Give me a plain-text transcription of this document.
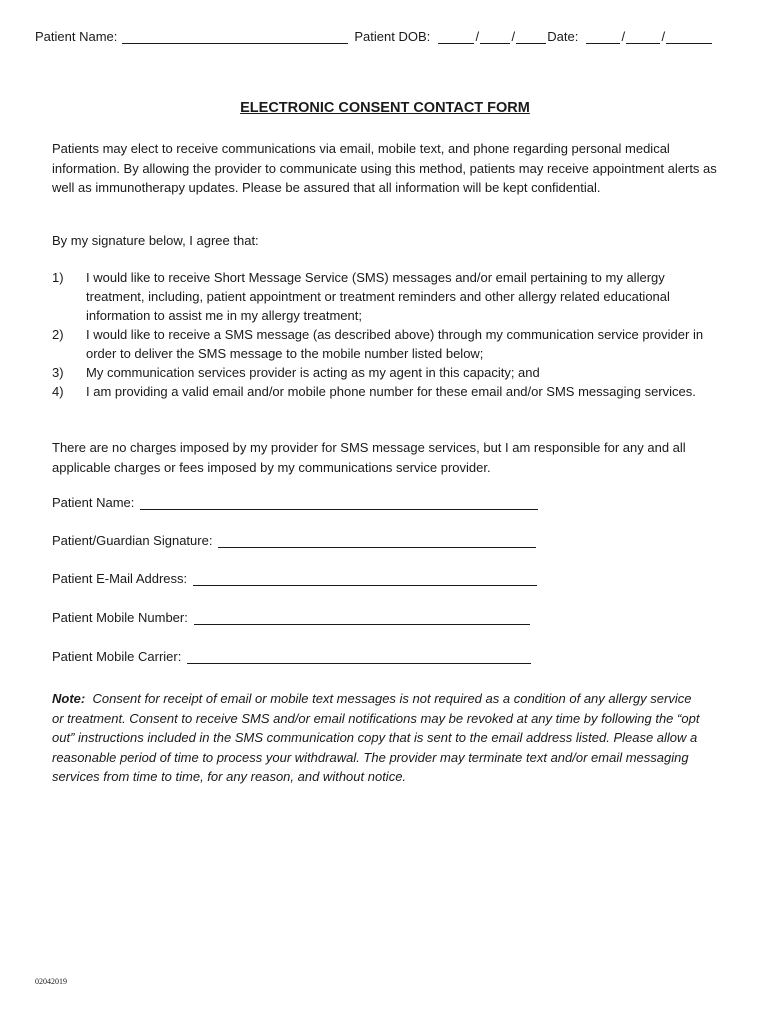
Patient Name:	Patient DOB:	/ / Date:	/	/
ELECTRONIC CONSENT CONTACT FORM

Patients may elect to receive communications via email, mobile text, and phone regarding personal medical information. By allowing the provider to communicate using this method, patients may receive appointment alerts as well as immunotherapy updates. Please be assured that all information will be kept confidential.

By my signature below, I agree that:

1)	I would like to receive Short Message Service (SMS) messages and/or email pertaining to my allergy treatment, including, patient appointment or treatment reminders and other allergy related educational information to assist me in my allergy treatment;
2)	I would like to receive a SMS message (as described above) through my communication service provider in order to deliver the SMS message to the mobile number listed below;
3)	My communication services provider is acting as my agent in this capacity; and
4)	I am providing a valid email and/or mobile phone number for these email and/or SMS messaging services.

There are no charges imposed by my provider for SMS message services, but I am responsible for any and all applicable charges or fees imposed by my communications service provider.

Patient Name:
Patient/Guardian Signature:
Patient E-Mail Address:
Patient Mobile Number:
Patient Mobile Carrier:

Note: Consent for receipt of email or mobile text messages is not required as a condition of any allergy service or treatment. Consent to receive SMS and/or email notifications may be revoked at any time by following the “opt out” instructions included in the SMS communication copy that is sent to the email address listed. Please allow a reasonable period of time to process your withdrawal. The provider may terminate text and/or email messaging services from time to time, for any reason, and without notice.

02042019
